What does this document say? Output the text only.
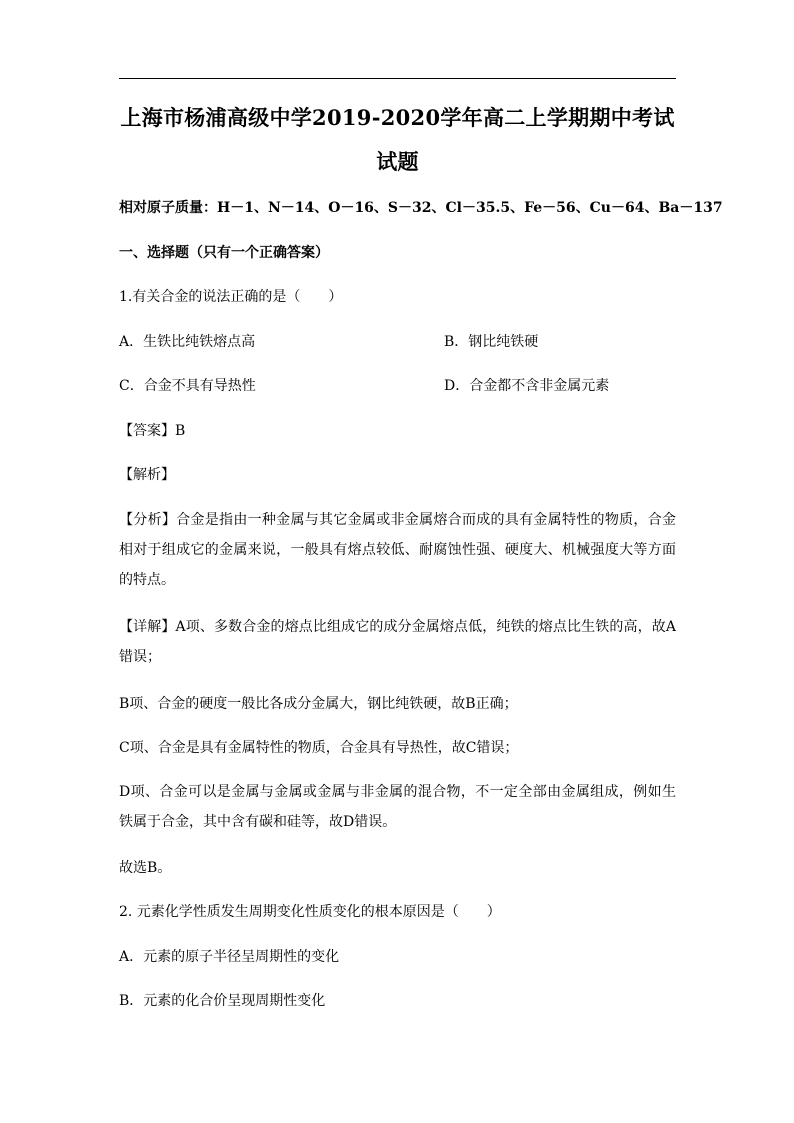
上海市杨浦高级中学2019-2020学年高二上学期期中考试试题
相对原子质量：H－1、N－14、O－16、S－32、Cl－35.5、Fe－56、Cu－64、Ba－137
一、选择题（只有一个正确答案）
1.有关合金的说法正确的是（　　）
A．生铁比纯铁熔点高	B．钢比纯铁硬
C．合金不具有导热性	D．合金都不含非金属元素
【答案】B
【解析】
【分析】合金是指由一种金属与其它金属或非金属熔合而成的具有金属特性的物质，合金相对于组成它的金属来说，一般具有熔点较低、耐腐蚀性强、硬度大、机械强度大等方面的特点。
【详解】A项、多数合金的熔点比组成它的成分金属熔点低，纯铁的熔点比生铁的高，故A错误；
B项、合金的硬度一般比各成分金属大，钢比纯铁硬，故B正确；
C项、合金是具有金属特性的物质，合金具有导热性，故C错误；
D项、合金可以是金属与金属或金属与非金属的混合物，不一定全部由金属组成，例如生铁属于合金，其中含有碳和硅等，故D错误。
故选B。
2. 元素化学性质发生周期变化性质变化的根本原因是（　　）
A．元素的原子半径呈周期性的变化
B．元素的化合价呈现周期性变化
